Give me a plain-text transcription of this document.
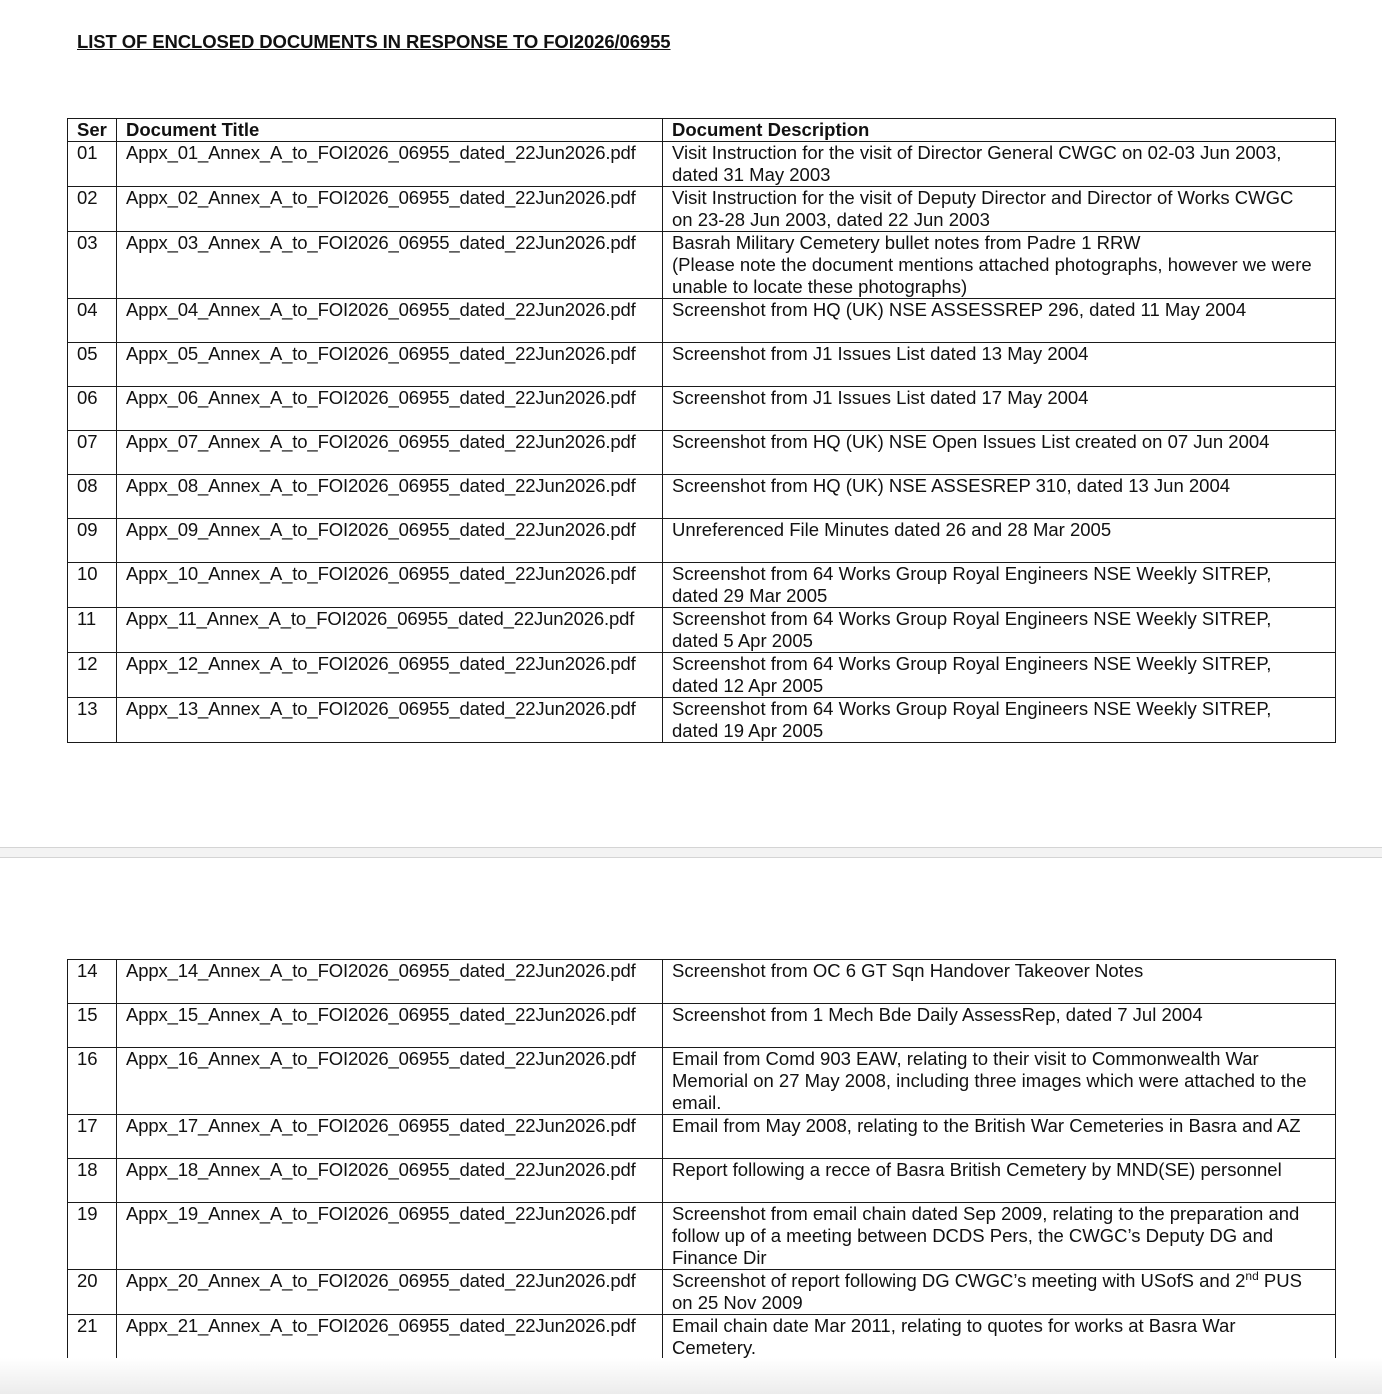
LIST OF ENCLOSED DOCUMENTS IN RESPONSE TO FOI2026/06955
Ser	Document Title	Document Description
01	Appx_01_Annex_A_to_FOI2026_06955_dated_22Jun2026.pdf	Visit Instruction for the visit of Director General CWGC on 02-03 Jun 2003,
dated 31 May 2003

02	Appx_02_Annex_A_to_FOI2026_06955_dated_22Jun2026.pdf	Visit Instruction for the visit of Deputy Director and Director of Works CWGC
on 23-28 Jun 2003, dated 22 Jun 2003

03	Appx_03_Annex_A_to_FOI2026_06955_dated_22Jun2026.pdf	Basrah Military Cemetery bullet notes from Padre 1 RRW
(Please note the document mentions attached photographs, however we were
unable to locate these photographs)

04	Appx_04_Annex_A_to_FOI2026_06955_dated_22Jun2026.pdf	Screenshot from HQ (UK) NSE ASSESSREP 296, dated 11 May 2004

05	Appx_05_Annex_A_to_FOI2026_06955_dated_22Jun2026.pdf	Screenshot from J1 Issues List dated 13 May 2004

06	Appx_06_Annex_A_to_FOI2026_06955_dated_22Jun2026.pdf	Screenshot from J1 Issues List dated 17 May 2004

07	Appx_07_Annex_A_to_FOI2026_06955_dated_22Jun2026.pdf	Screenshot from HQ (UK) NSE Open Issues List created on 07 Jun 2004

08	Appx_08_Annex_A_to_FOI2026_06955_dated_22Jun2026.pdf	Screenshot from HQ (UK) NSE ASSESREP 310, dated 13 Jun 2004

09	Appx_09_Annex_A_to_FOI2026_06955_dated_22Jun2026.pdf	Unreferenced File Minutes dated 26 and 28 Mar 2005

10	Appx_10_Annex_A_to_FOI2026_06955_dated_22Jun2026.pdf	Screenshot from 64 Works Group Royal Engineers NSE Weekly SITREP,
dated 29 Mar 2005

11	Appx_11_Annex_A_to_FOI2026_06955_dated_22Jun2026.pdf	Screenshot from 64 Works Group Royal Engineers NSE Weekly SITREP,
dated 5 Apr 2005

12	Appx_12_Annex_A_to_FOI2026_06955_dated_22Jun2026.pdf	Screenshot from 64 Works Group Royal Engineers NSE Weekly SITREP,
dated 12 Apr 2005

13	Appx_13_Annex_A_to_FOI2026_06955_dated_22Jun2026.pdf	Screenshot from 64 Works Group Royal Engineers NSE Weekly SITREP,
dated 19 Apr 2005
14	Appx_14_Annex_A_to_FOI2026_06955_dated_22Jun2026.pdf	Screenshot from OC 6 GT Sqn Handover Takeover Notes

15	Appx_15_Annex_A_to_FOI2026_06955_dated_22Jun2026.pdf	Screenshot from 1 Mech Bde Daily AssessRep, dated 7 Jul 2004

16	Appx_16_Annex_A_to_FOI2026_06955_dated_22Jun2026.pdf	Email from Comd 903 EAW, relating to their visit to Commonwealth War
Memorial on 27 May 2008, including three images which were attached to the
email.

17	Appx_17_Annex_A_to_FOI2026_06955_dated_22Jun2026.pdf	Email from May 2008, relating to the British War Cemeteries in Basra and AZ

18	Appx_18_Annex_A_to_FOI2026_06955_dated_22Jun2026.pdf	Report following a recce of Basra British Cemetery by MND(SE) personnel

19	Appx_19_Annex_A_to_FOI2026_06955_dated_22Jun2026.pdf	Screenshot from email chain dated Sep 2009, relating to the preparation and
follow up of a meeting between DCDS Pers, the CWGC’s Deputy DG and
Finance Dir

20	Appx_20_Annex_A_to_FOI2026_06955_dated_22Jun2026.pdf	Screenshot of report following DG CWGC’s meeting with USofS and 2nd PUS
on 25 Nov 2009

21	Appx_21_Annex_A_to_FOI2026_06955_dated_22Jun2026.pdf	Email chain date Mar 2011, relating to quotes for works at Basra War
Cemetery.
